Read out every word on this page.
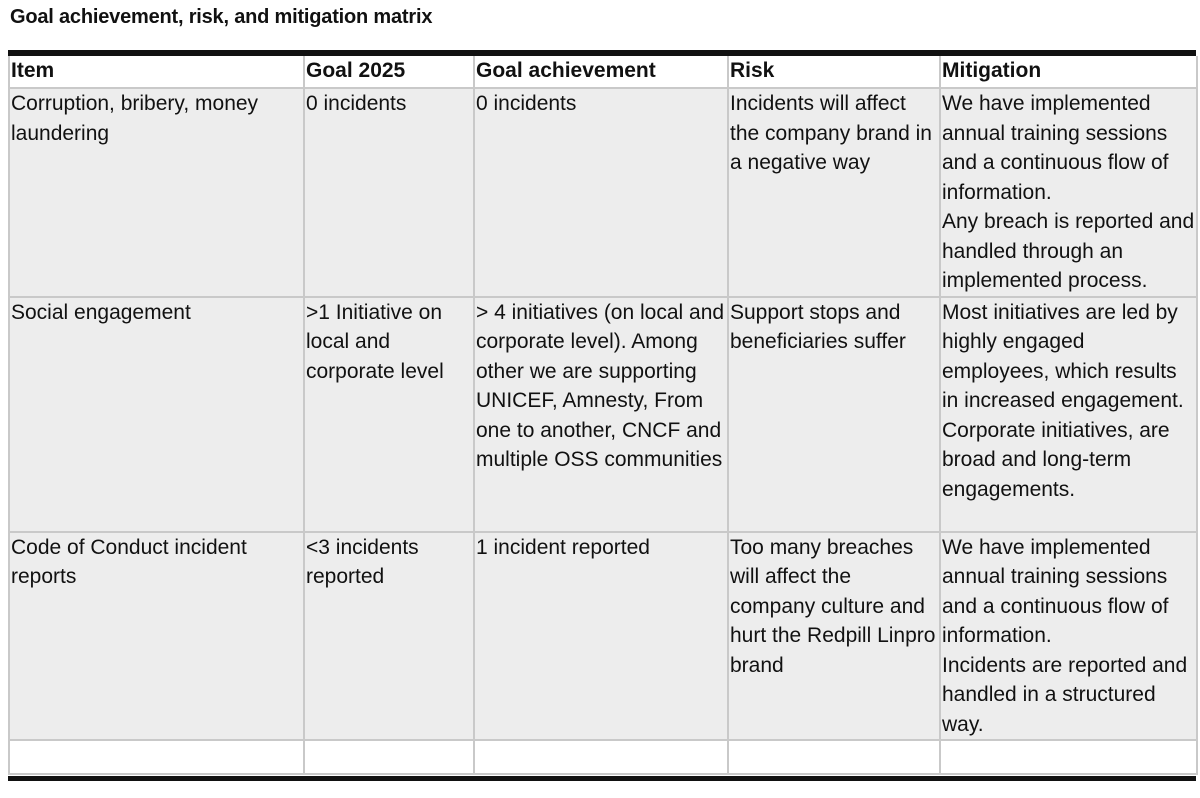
Goal achievement, risk, and mitigation matrix
Item	Goal 2025	Goal achievement	Risk	Mitigation
Corruption, bribery, money laundering	0 incidents	0 incidents	Incidents will affect the company brand in a negative way	We have implemented annual training sessions and a continuous flow of information.
Any breach is reported and handled through an implemented process.

Social engagement	>1 Initiative on local and corporate level	> 4 initiatives (on local and corporate level). Among other we are supporting UNICEF, Amnesty, From one to another, CNCF and multiple OSS communities	Support stops and beneficiaries suffer	Most initiatives are led by highly engaged employees, which results in increased engagement. Corporate initiatives, are broad and long-term engagements.

Code of Conduct incident reports	<3 incidents reported	1 incident reported	Too many breaches will affect the company culture and hurt the Redpill Linpro brand	We have implemented annual training sessions and a continuous flow of information.
Incidents are reported and handled in a structured way.
